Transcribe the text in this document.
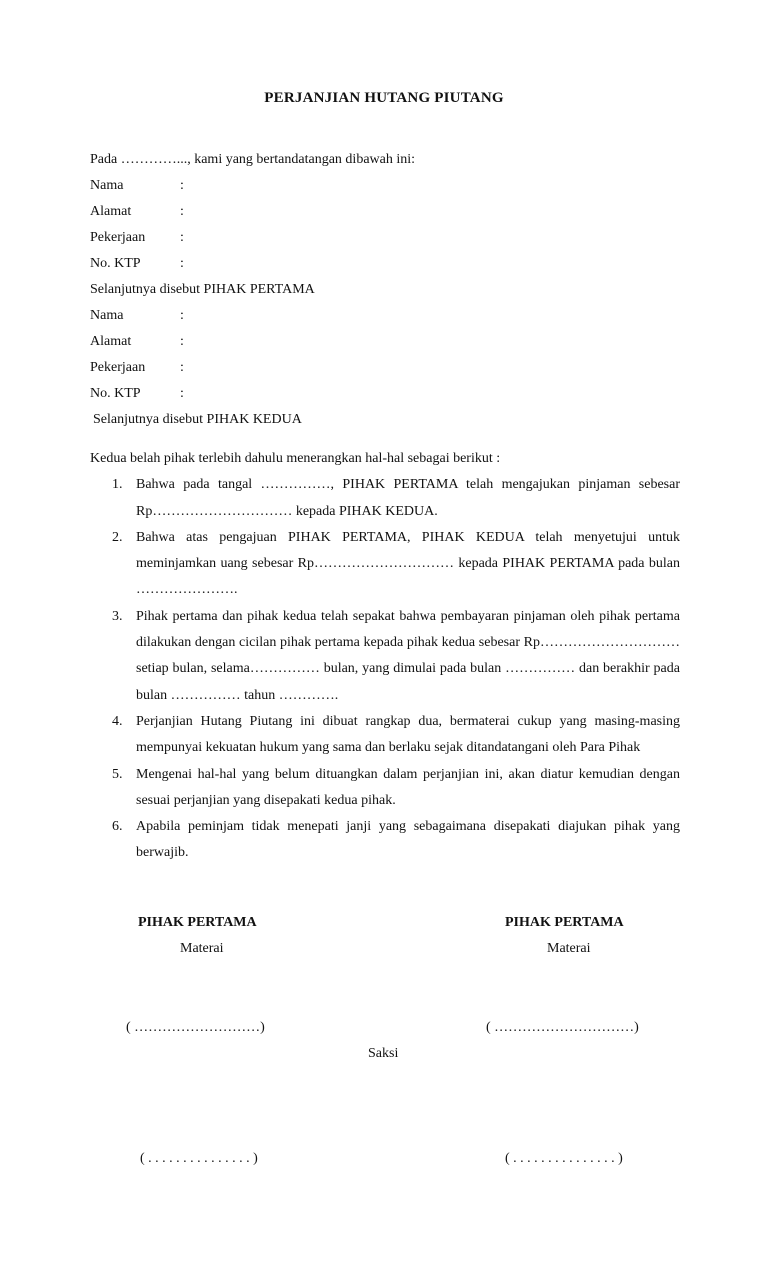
PERJANJIAN HUTANG PIUTANG
Pada …………..., kami yang bertandatangan dibawah ini:
Nama	:
Alamat	:
Pekerjaan :
No. KTP	:
Selanjutnya disebut PIHAK PERTAMA
Nama	:
Alamat	:
Pekerjaan :
No. KTP	:
Selanjutnya disebut PIHAK KEDUA
Kedua belah pihak terlebih dahulu menerangkan hal-hal sebagai berikut :
1. Bahwa pada tangal ……………, PIHAK PERTAMA telah mengajukan pinjaman sebesar Rp………………………… kepada PIHAK KEDUA.
2. Bahwa atas pengajuan PIHAK PERTAMA, PIHAK KEDUA telah menyetujui untuk meminjamkan uang sebesar Rp………………………… kepada PIHAK PERTAMA pada bulan ………………….
3. Pihak pertama dan pihak kedua telah sepakat bahwa pembayaran pinjaman oleh pihak pertama dilakukan dengan cicilan pihak pertama kepada pihak kedua sebesar Rp………………………… setiap bulan, selama…………… bulan, yang dimulai pada bulan …………… dan berakhir pada bulan …………… tahun ………….
4. Perjanjian Hutang Piutang ini dibuat rangkap dua, bermaterai cukup yang masing-masing mempunyai kekuatan hukum yang sama dan berlaku sejak ditandatangani oleh Para Pihak
5. Mengenai hal-hal yang belum dituangkan dalam perjanjian ini, akan diatur kemudian dengan sesuai perjanjian yang disepakati kedua pihak.
6. Apabila peminjam tidak menepati janji yang sebagaimana disepakati diajukan pihak yang berwajib.
PIHAK PERTAMA	PIHAK PERTAMA
Materai	Materai
( ………………………)	( …………………………)
Saksi
( . . . . . . . . . . . . . . . )	( . . . . . . . . . . . . . . . )
